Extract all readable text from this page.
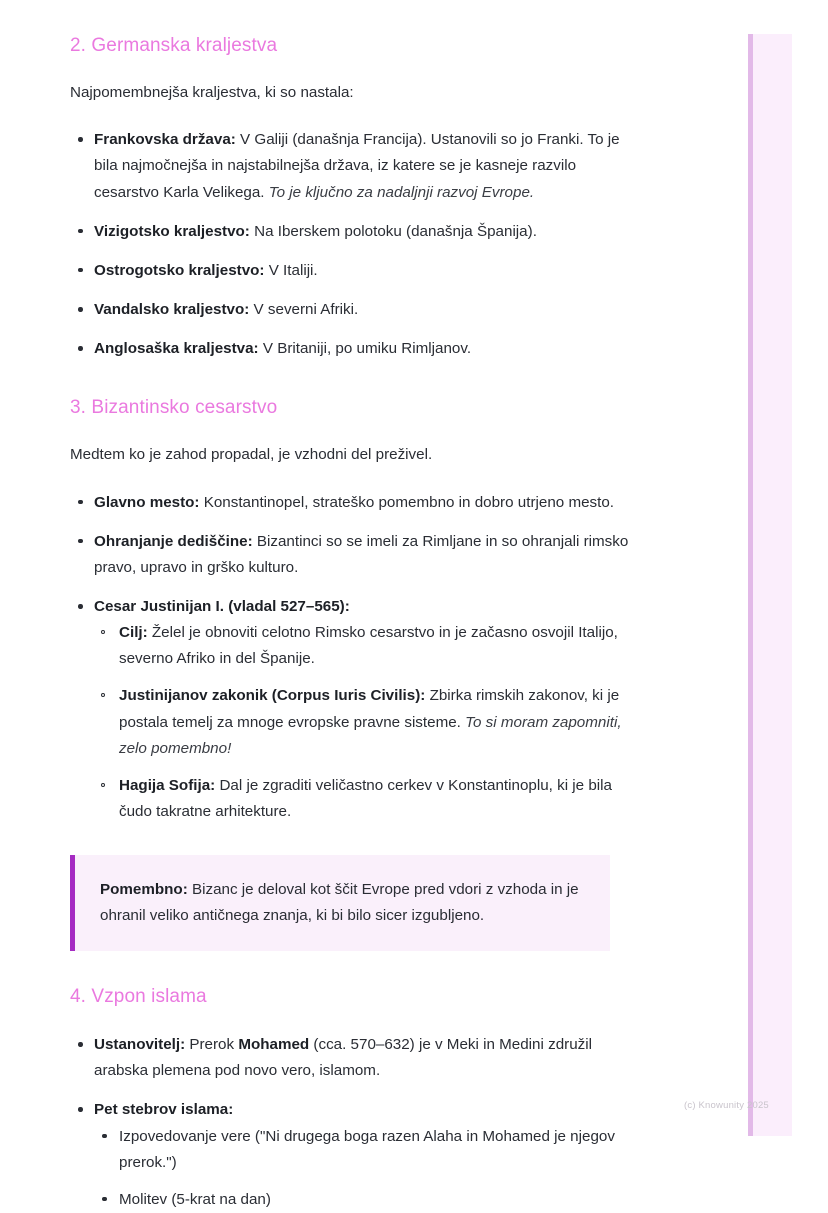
2. Germanska kraljestva

Najpomembnejša kraljestva, ki so nastala:

Frankovska država: V Galiji (današnja Francija). Ustanovili so jo Franki. To je bila najmočnejša in najstabilnejša država, iz katere se je kasneje razvilo cesarstvo Karla Velikega. To je ključno za nadaljnji razvoj Evrope.
Vizigotsko kraljestvo: Na Iberskem polotoku (današnja Španija).
Ostrogotsko kraljestvo: V Italiji.
Vandalsko kraljestvo: V severni Afriki.
Anglosaška kraljestva: V Britaniji, po umiku Rimljanov.
3. Bizantinsko cesarstvo

Medtem ko je zahod propadal, je vzhodni del preživel.

Glavno mesto: Konstantinopel, strateško pomembno in dobro utrjeno mesto.
Ohranjanje dediščine: Bizantinci so se imeli za Rimljane in so ohranjali rimsko pravo, upravo in grško kulturo.
Cesar Justinijan I. (vladal 527–565):
Cilj: Želel je obnoviti celotno Rimsko cesarstvo in je začasno osvojil Italijo, severno Afriko in del Španije.
Justinijanov zakonik (Corpus Iuris Civilis): Zbirka rimskih zakonov, ki je postala temelj za mnoge evropske pravne sisteme. To si moram zapomniti, zelo pomembno!
Hagija Sofija: Dal je zgraditi veličastno cerkev v Konstantinoplu, ki je bila čudo takratne arhitekture.

Pomembno: Bizanc je deloval kot ščit Evrope pred vdori z vzhoda in je ohranil veliko antičnega znanja, ki bi bilo sicer izgubljeno.

4. Vzpon islama
Ustanovitelj: Prerok Mohamed (cca. 570–632) je v Meki in Medini združil arabska plemena pod novo vero, islamom.
Pet stebrov islama:
Izpovedovanje vere ("Ni drugega boga razen Alaha in Mohamed je njegov prerok.")
Molitev (5-krat na dan)
(c) Knowunity 2025
